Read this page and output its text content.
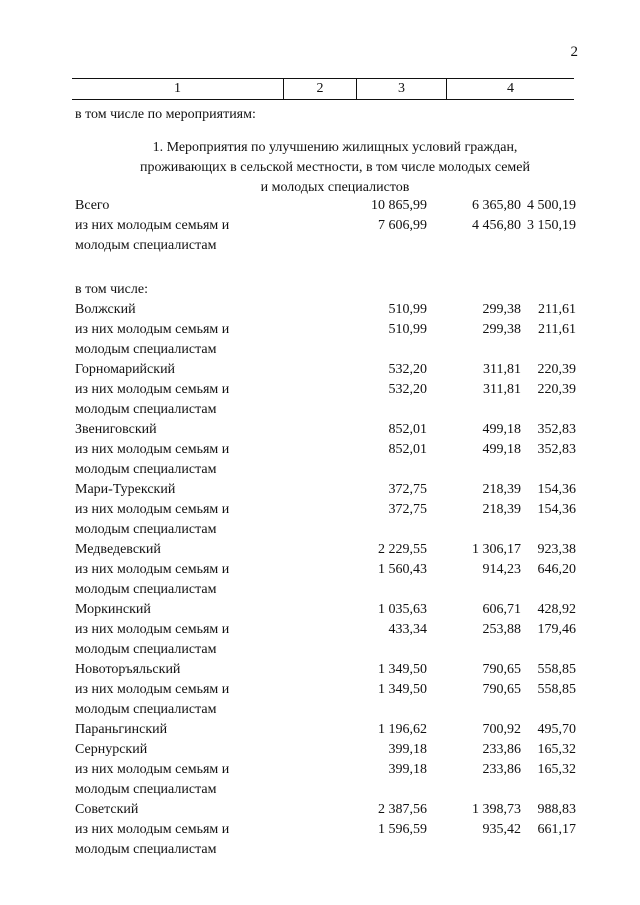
2
1	2	3	4
в том числе по мероприятиям:
1. Мероприятия по улучшению жилищных условий граждан,
проживающих в сельской местности, в том числе молодых семей
и молодых специалистов
Всего	10 865,99	6 365,80 4 500,19
из них молодым семьям и	7 606,99	4 456,80 3 150,19
молодым специалистам
в том числе:
Волжский	510,99	299,38 211,61
из них молодым семьям и	510,99	299,38 211,61
молодым специалистам
Горномарийский	532,20	311,81 220,39
из них молодым семьям и	532,20	311,81 220,39
молодым специалистам
Звениговский	852,01	499,18 352,83
из них молодым семьям и	852,01	499,18 352,83
молодым специалистам
Мари-Турекский	372,75	218,39 154,36
из них молодым семьям и	372,75	218,39 154,36
молодым специалистам
Медведевский	2 229,55	1 306,17 923,38
из них молодым семьям и	1 560,43	914,23 646,20
молодым специалистам
Моркинский	1 035,63	606,71 428,92
из них молодым семьям и	433,34	253,88 179,46
молодым специалистам
Новоторъяльский	1 349,50	790,65 558,85
из них молодым семьям и	1 349,50	790,65 558,85
молодым специалистам
Параньгинский	1 196,62	700,92 495,70
Сернурский	399,18	233,86 165,32
из них молодым семьям и	399,18	233,86 165,32
молодым специалистам
Советский	2 387,56	1 398,73 988,83
из них молодым семьям и	1 596,59	935,42 661,17
молодым специалистам
